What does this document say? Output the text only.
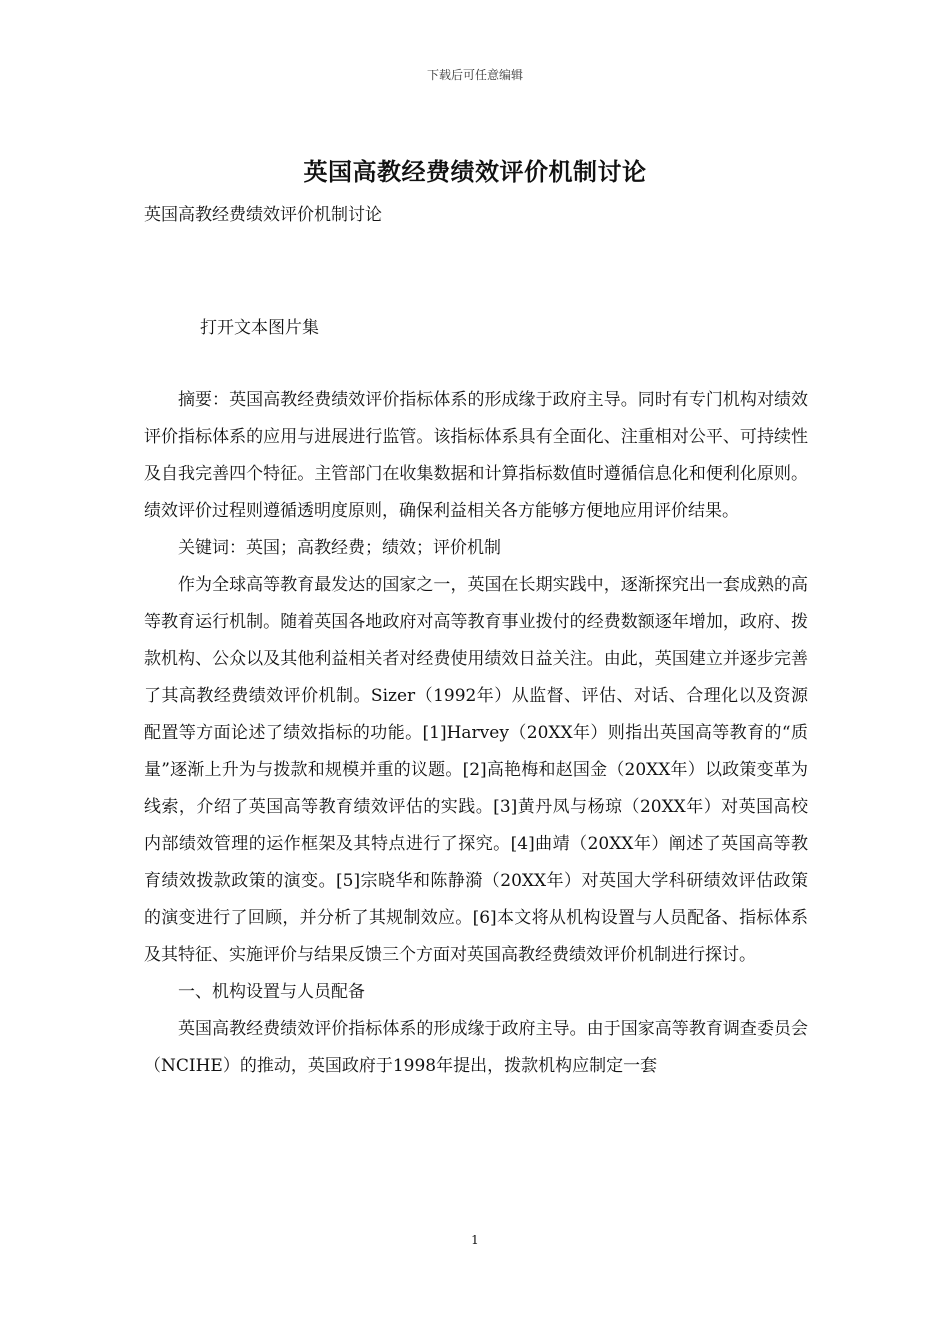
下载后可任意编辑
英国高教经费绩效评价机制讨论
英国高教经费绩效评价机制讨论
打开文本图片集

摘要：英国高教经费绩效评价指标体系的形成缘于政府主导。同时有专门机构对绩效评价指标体系的应用与进展进行监管。该指标体系具有全面化、注重相对公平、可持续性及自我完善四个特征。主管部门在收集数据和计算指标数值时遵循信息化和便利化原则。绩效评价过程则遵循透明度原则，确保利益相关各方能够方便地应用评价结果。

关键词：英国；高教经费；绩效；评价机制

作为全球高等教育最发达的国家之一，英国在长期实践中，逐渐探究出一套成熟的高等教育运行机制。随着英国各地政府对高等教育事业拨付的经费数额逐年增加，政府、拨款机构、公众以及其他利益相关者对经费使用绩效日益关注。由此，英国建立并逐步完善了其高教经费绩效评价机制。Sizer（1992年）从监督、评估、对话、合理化以及资源配置等方面论述了绩效指标的功能。[1]Harvey（20XX年）则指出英国高等教育的“质量”逐渐上升为与拨款和规模并重的议题。[2]高艳梅和赵国金（20XX年）以政策变革为线索，介绍了英国高等教育绩效评估的实践。[3]黄丹凤与杨琼（20XX年）对英国高校内部绩效管理的运作框架及其特点进行了探究。[4]曲靖（20XX年）阐述了英国高等教育绩效拨款政策的演变。[5]宗晓华和陈静漪（20XX年）对英国大学科研绩效评估政策的演变进行了回顾，并分析了其规制效应。[6]本文将从机构设置与人员配备、指标体系及其特征、实施评价与结果反馈三个方面对英国高教经费绩效评价机制进行探讨。

一、机构设置与人员配备

英国高教经费绩效评价指标体系的形成缘于政府主导。由于国家高等教育调查委员会（NCIHE）的推动，英国政府于1998年提出，拨款机构应制定一套

1
